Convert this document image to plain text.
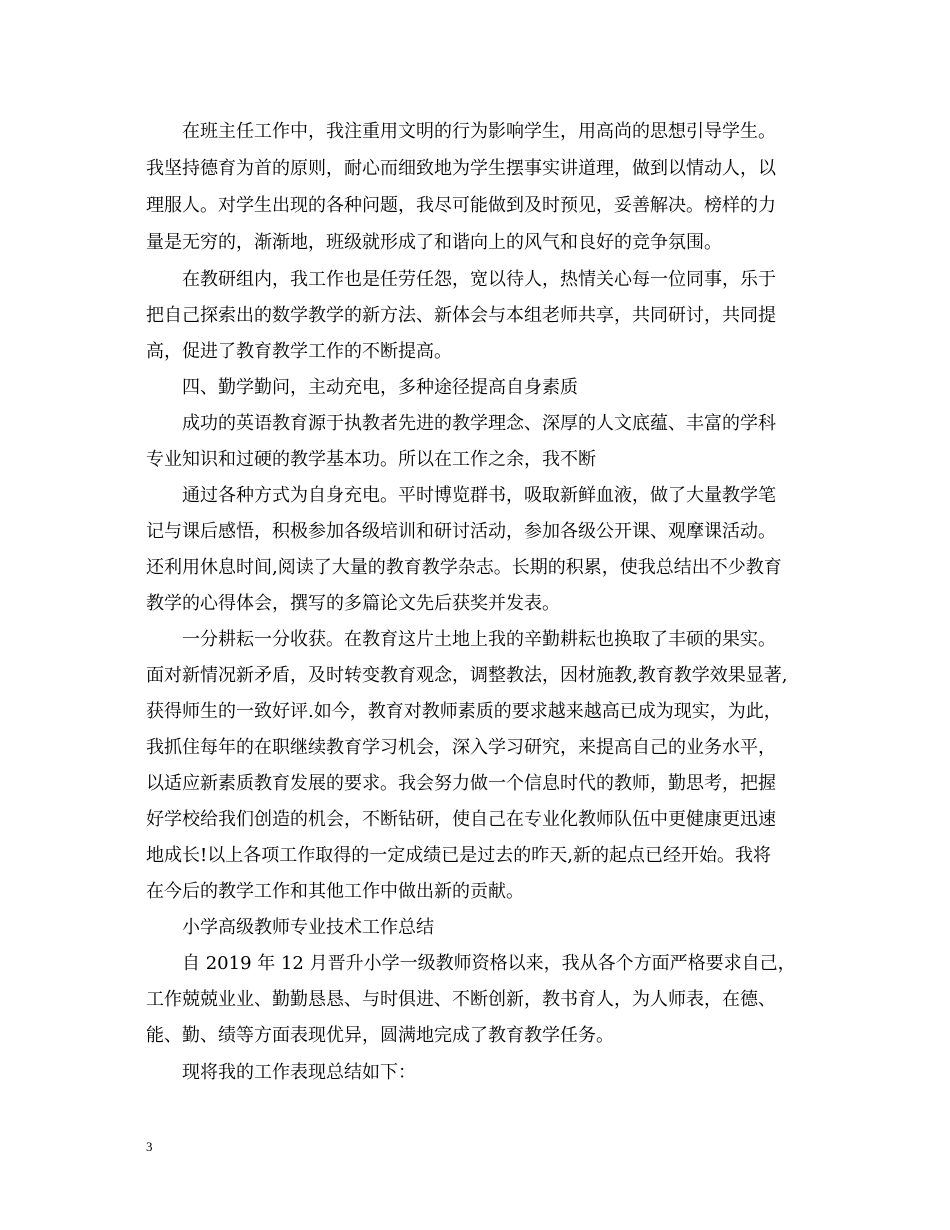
在班主任工作中，我注重用文明的行为影响学生，用高尚的思想引导学生。
我坚持德育为首的原则，耐心而细致地为学生摆事实讲道理，做到以情动人，以
理服人。对学生出现的各种问题，我尽可能做到及时预见，妥善解决。榜样的力
量是无穷的，渐渐地，班级就形成了和谐向上的风气和良好的竞争氛围。
在教研组内，我工作也是任劳任怨，宽以待人，热情关心每一位同事，乐于
把自己探索出的数学教学的新方法、新体会与本组老师共享，共同研讨，共同提
高，促进了教育教学工作的不断提高。
四、勤学勤问，主动充电，多种途径提高自身素质
成功的英语教育源于执教者先进的教学理念、深厚的人文底蕴、丰富的学科
专业知识和过硬的教学基本功。所以在工作之余，我不断
通过各种方式为自身充电。平时博览群书，吸取新鲜血液，做了大量教学笔
记与课后感悟，积极参加各级培训和研讨活动，参加各级公开课、观摩课活动。
还利用休息时间,阅读了大量的教育教学杂志。长期的积累，使我总结出不少教育
教学的心得体会，撰写的多篇论文先后获奖并发表。
一分耕耘一分收获。在教育这片土地上我的辛勤耕耘也换取了丰硕的果实。
面对新情况新矛盾，及时转变教育观念，调整教法，因材施教,教育教学效果显著,
获得师生的一致好评.如今，教育对教师素质的要求越来越高已成为现实，为此，
我抓住每年的在职继续教育学习机会，深入学习研究，来提高自己的业务水平，
以适应新素质教育发展的要求。我会努力做一个信息时代的教师，勤思考，把握
好学校给我们创造的机会，不断钻研，使自己在专业化教师队伍中更健康更迅速
地成长!以上各项工作取得的一定成绩已是过去的昨天,新的起点已经开始。我将
在今后的教学工作和其他工作中做出新的贡献。
小学高级教师专业技术工作总结
自 2019 年 12 月晋升小学一级教师资格以来，我从各个方面严格要求自己，
工作兢兢业业、勤勤恳恳、与时俱进、不断创新，教书育人，为人师表，在德、
能、勤、绩等方面表现优异，圆满地完成了教育教学任务。
现将我的工作表现总结如下：
3
